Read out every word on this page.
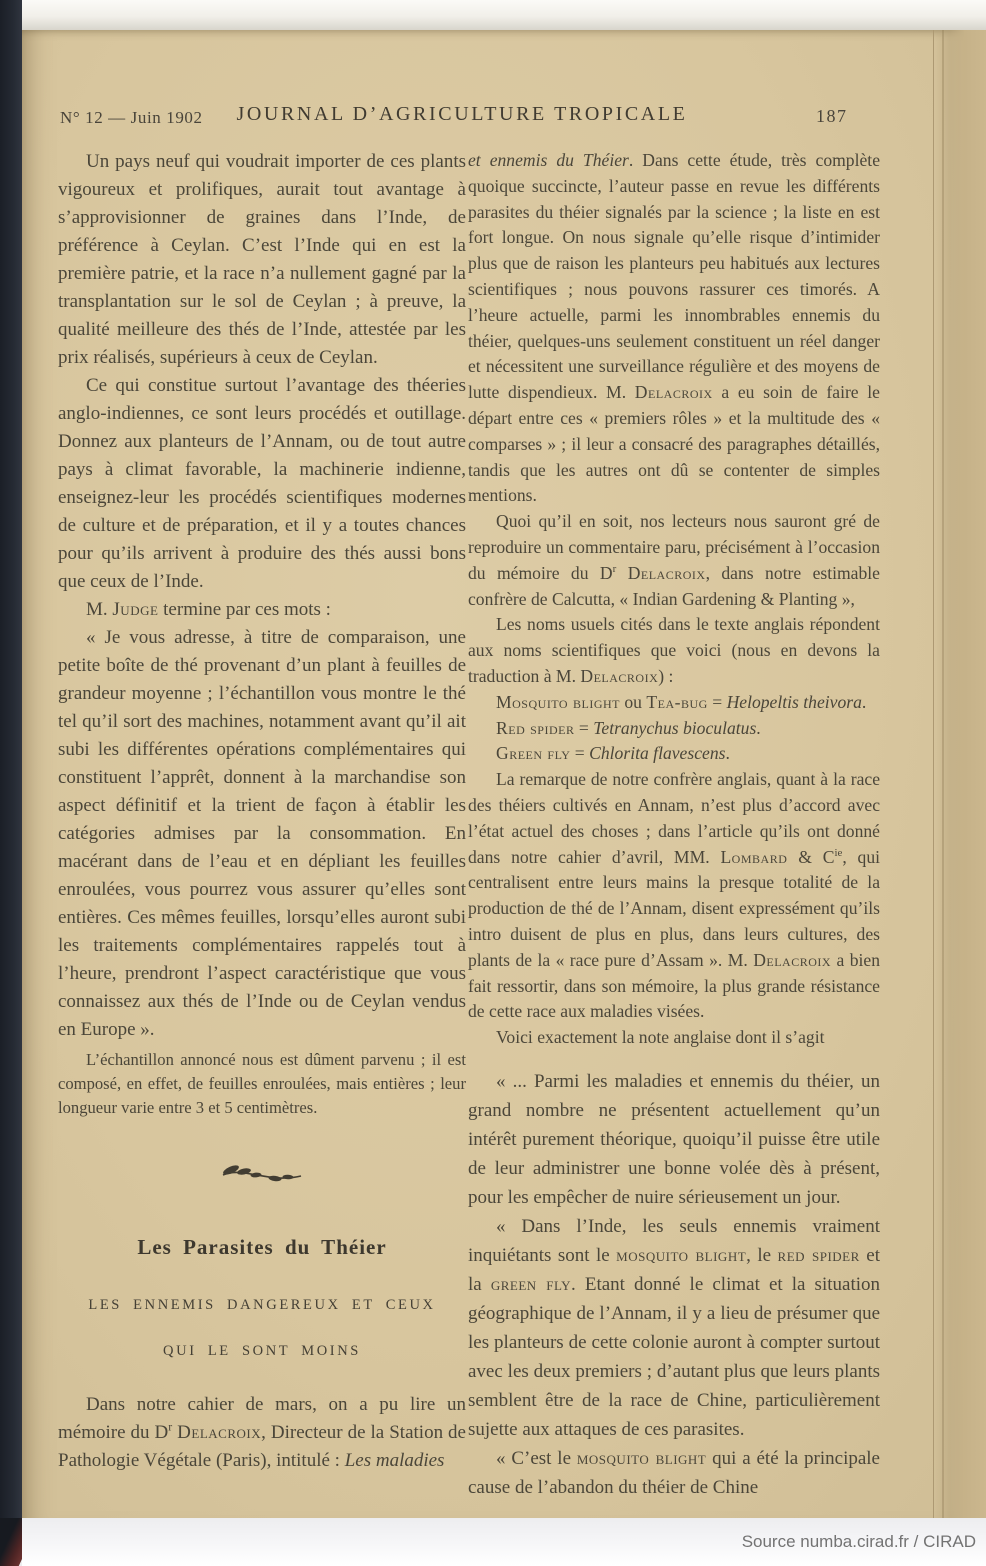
N° 12 — Juin 1902	JOURNAL D’AGRICULTURE TROPICALE	187

Un pays neuf qui voudrait importer de ces plants vigoureux et prolifiques, aurait tout avantage à s’approvisionner de graines dans l’Inde, de préférence à Ceylan. C’est l’Inde qui en est la première patrie, et la race n’a nullement gagné par la transplantation sur le sol de Ceylan ; à preuve, la qualité meilleure des thés de l’Inde, attestée par les prix réalisés, supérieurs à ceux de Ceylan.

Ce qui constitue surtout l’avantage des théeries anglo-indiennes, ce sont leurs procédés et outillage. Donnez aux planteurs de l’Annam, ou de tout autre pays à climat favorable, la machinerie indienne, enseignez-leur les procédés scientifiques modernes de culture et de préparation, et il y a toutes chances pour qu’ils arrivent à produire des thés aussi bons que ceux de l’Inde.

M. Judge termine par ces mots :

« Je vous adresse, à titre de comparaison, une petite boîte de thé provenant d’un plant à feuilles de grandeur moyenne ; l’échantillon vous montre le thé tel qu’il sort des machines, notamment avant qu’il ait subi les différentes opérations complémentaires qui constituent l’apprêt, donnent à la marchandise son aspect définitif et la trient de façon à établir les catégories admises par la consommation. En macérant dans de l’eau et en dépliant les feuilles enroulées, vous pourrez vous assurer qu’elles sont entières. Ces mêmes feuilles, lorsqu’elles auront subi les traitements complémentaires rappelés tout à l’heure, prendront l’aspect caractéristique que vous connaissez aux thés de l’Inde ou de Ceylan vendus en Europe ».

L’échantillon annoncé nous est dûment parvenu ; il est composé, en effet, de feuilles enroulées, mais entières ; leur longueur varie entre 3 et 5 centimètres.

Les Parasites du Théier
LES ENNEMIS DANGEREUX ET CEUX
QUI LE SONT MOINS

Dans notre cahier de mars, on a pu lire un mémoire du $D^r$ Delacroix, Directeur de la Station de Pathologie Végétale (Paris), intitulé : Les maladies

et ennemis du Théier. Dans cette étude, très complète quoique succincte, l’auteur passe en revue les différents parasites du théier signalés par la science ; la liste en est fort longue. On nous signale qu’elle risque d’intimider plus que de raison les planteurs peu habitués aux lectures scientifiques ; nous pouvons rassurer ces timorés. A l’heure actuelle, parmi les innombrables ennemis du théier, quelques-uns seulement constituent un réel danger et nécessitent une surveillance régulière et des moyens de lutte dispendieux. M. Delacroix a eu soin de faire le départ entre ces « premiers rôles » et la multitude des « comparses » ; il leur a consacré des paragraphes détaillés, tandis que les autres ont dû se contenter de simples mentions.

Quoi qu’il en soit, nos lecteurs nous sauront gré de reproduire un commentaire paru, précisément à l’occasion du mémoire du $D^r$ Delacroix, dans notre estimable confrère de Calcutta, « Indian Gardening & Planting »,

Les noms usuels cités dans le texte anglais répondent aux noms scientifiques que voici (nous en devons la traduction à M. Delacroix) :

Mosquito blight ou Tea-bug = Helopeltis theivora.

Red spider = Tetranychus bioculatus.

Green fly = Chlorita flavescens.

La remarque de notre confrère anglais, quant à la race des théiers cultivés en Annam, n’est plus d’accord avec l’état actuel des choses ; dans l’article qu’ils ont donné dans notre cahier d’avril, MM. Lombard & $C^{ie}$, qui centralisent entre leurs mains la presque totalité de la production de thé de l’Annam, disent expressément qu’ils intro duisent de plus en plus, dans leurs cultures, des plants de la « race pure d’Assam ». M. Delacroix a bien fait ressortir, dans son mémoire, la plus grande résistance de cette race aux maladies visées.

Voici exactement la note anglaise dont il s’agit

« ... Parmi les maladies et ennemis du théier, un grand nombre ne présentent actuellement qu’un intérêt purement théorique, quoiqu’il puisse être utile de leur administrer une bonne volée dès à présent, pour les empêcher de nuire sérieusement un jour.

« Dans l’Inde, les seuls ennemis vraiment inquiétants sont le mosquito blight, le red spider et la green fly. Etant donné le climat et la situation géographique de l’Annam, il y a lieu de présumer que les planteurs de cette colonie auront à compter surtout avec les deux premiers ; d’autant plus que leurs plants semblent être de la race de Chine, particulièrement sujette aux attaques de ces parasites.

« C’est le mosquito blight qui a été la principale cause de l’abandon du théier de Chine

Source numba.cirad.fr / CIRAD
